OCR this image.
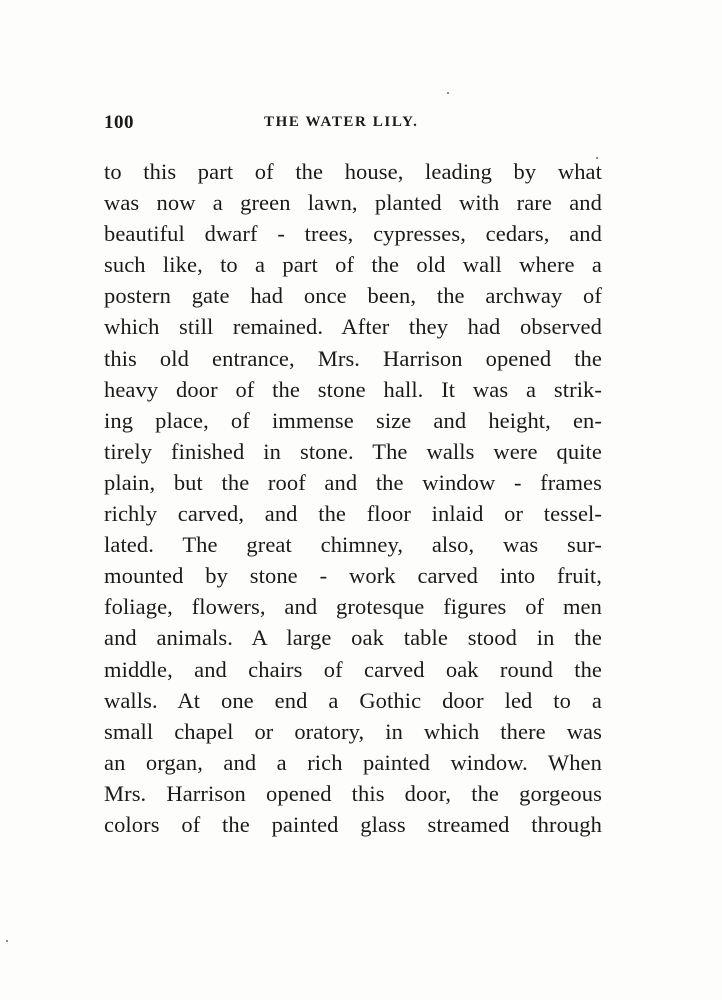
100	THE WATER LILY.
to this part of the house, leading by what
was now a green lawn, planted with rare and
beautiful dwarf - trees, cypresses, cedars, and
such like, to a part of the old wall where a
postern gate had once been, the archway of
which still remained. After they had observed
this old entrance, Mrs. Harrison opened the
heavy door of the stone hall. It was a strik-
ing place, of immense size and height, en-
tirely finished in stone. The walls were quite
plain, but the roof and the window - frames
richly carved, and the floor inlaid or tessel-
lated. The great chimney, also, was sur-
mounted by stone - work carved into fruit,
foliage, flowers, and grotesque figures of men
and animals. A large oak table stood in the
middle, and chairs of carved oak round the
walls. At one end a Gothic door led to a
small chapel or oratory, in which there was
an organ, and a rich painted window. When
Mrs. Harrison opened this door, the gorgeous
colors of the painted glass streamed through
